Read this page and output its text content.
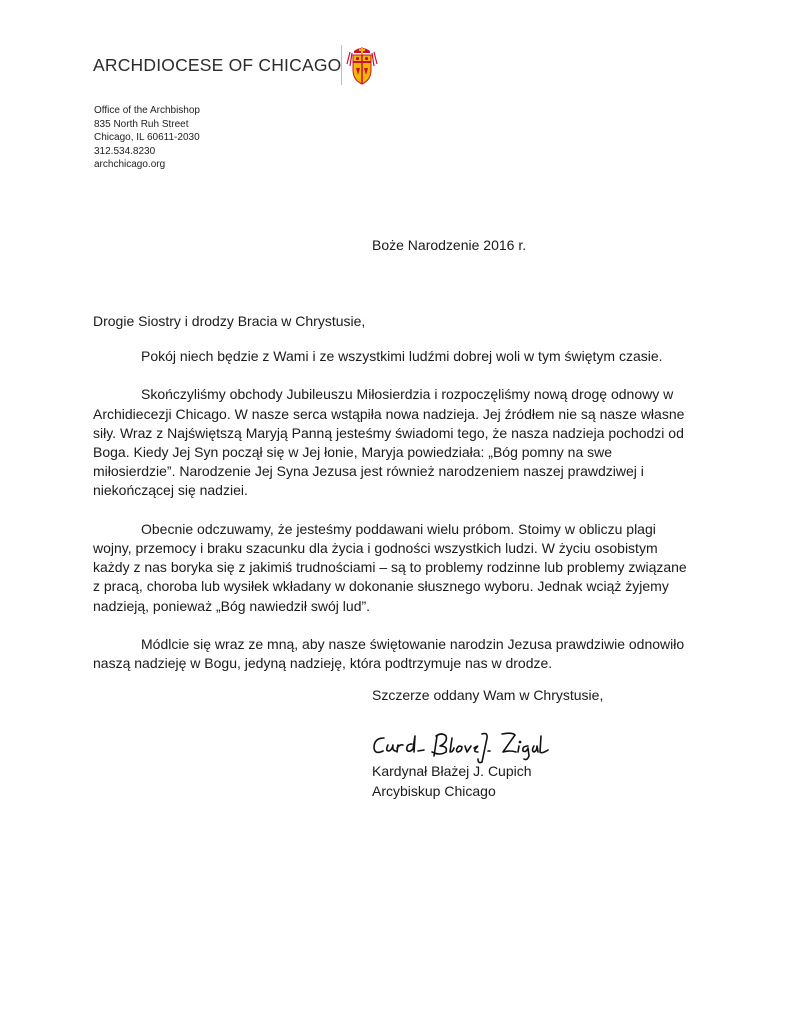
ARCHDIOCESE OF CHICAGO
Office of the Archbishop
835 North Ruh Street
Chicago, IL 60611-2030
312.534.8230
archchicago.org
Boże Narodzenie 2016 r.
Drogie Siostry i drodzy Bracia w Chrystusie,

Pokój niech będzie z Wami i ze wszystkimi ludźmi dobrej woli w tym świętym czasie.

Skończyliśmy obchody Jubileuszu Miłosierdzia i rozpoczęliśmy nową drogę odnowy w
Archidiecezji Chicago. W nasze serca wstąpiła nowa nadzieja. Jej źródłem nie są nasze własne
siły. Wraz z Najświętszą Maryją Panną jesteśmy świadomi tego, że nasza nadzieja pochodzi od
Boga. Kiedy Jej Syn począł się w Jej łonie, Maryja powiedziała: „Bóg pomny na swe
miłosierdzie”. Narodzenie Jej Syna Jezusa jest również narodzeniem naszej prawdziwej i
niekończącej się nadziei.

Obecnie odczuwamy, że jesteśmy poddawani wielu próbom. Stoimy w obliczu plagi
wojny, przemocy i braku szacunku dla życia i godności wszystkich ludzi. W życiu osobistym
każdy z nas boryka się z jakimiś trudnościami – są to problemy rodzinne lub problemy związane
z pracą, choroba lub wysiłek wkładany w dokonanie słusznego wyboru. Jednak wciąż żyjemy
nadzieją, ponieważ „Bóg nawiedził swój lud”.

Módlcie się wraz ze mną, aby nasze świętowanie narodzin Jezusa prawdziwie odnowiło
naszą nadzieję w Bogu, jedyną nadzieję, która podtrzymuje nas w drodze.

Szczerze oddany Wam w Chrystusie,
Kardynał Błażej J. Cupich
Arcybiskup Chicago
